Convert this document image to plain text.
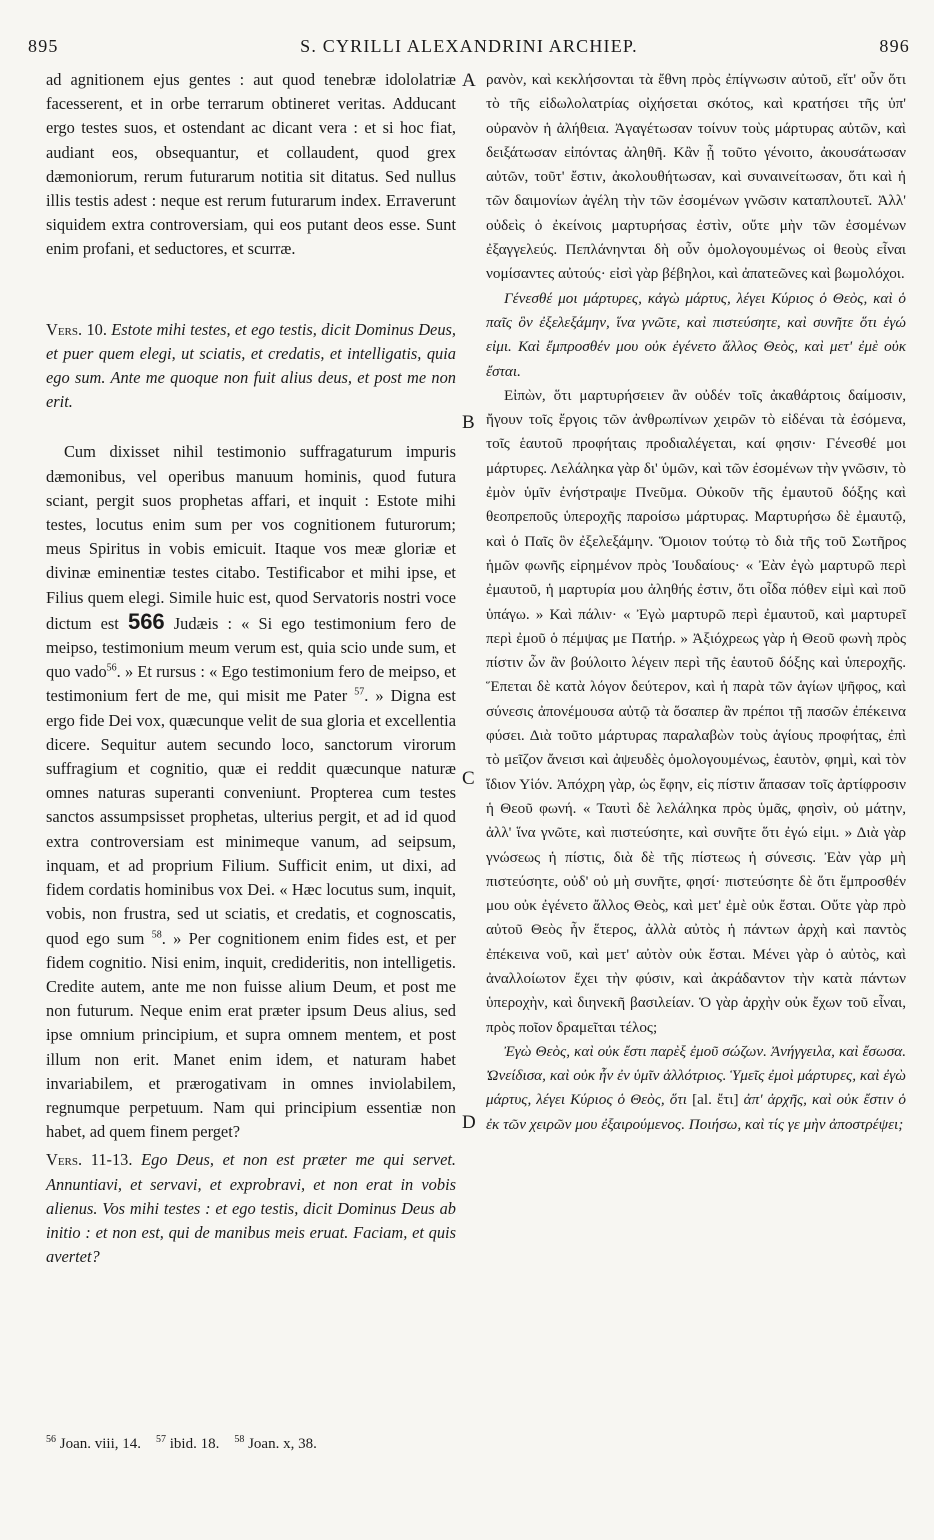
895	S. CYRILLI ALEXANDRINI ARCHIEP.	896

ad agnitionem ejus gentes : aut quod tenebræ idololatriæ facesserent, et in orbe terrarum obtineret veritas. Adducant ergo testes suos, et ostendant ac dicant vera : et si hoc fiat, audiant eos, obsequantur, et collaudent, quod grex dæmoniorum, rerum futurarum notitia sit ditatus. Sed nullus illis testis adest : neque est rerum futurarum index. Erraverunt siquidem extra controversiam, qui eos putant deos esse. Sunt enim profani, et seductores, et scurræ.

Vers. 10. Estote mihi testes, et ego testis, dicit Dominus Deus, et puer quem elegi, ut sciatis, et credatis, et intelligatis, quia ego sum. Ante me quoque non fuit alius deus, et post me non erit.

Cum dixisset nihil testimonio suffragaturum impuris dæmonibus, vel operibus manuum hominis, quod futura sciant, pergit suos prophetas affari, et inquit : Estote mihi testes, locutus enim sum per vos cognitionem futurorum; meus Spiritus in vobis emicuit. Itaque vos meæ gloriæ et divinæ eminentiæ testes citabo. Testificabor et mihi ipse, et Filius quem elegi. Simile huic est, quod Servatoris nostri voce dictum est 566 Judæis : « Si ego testimonium fero de meipso, testimonium meum verum est, quia scio unde sum, et quo vado$^{56}$. » Et rursus : « Ego testimonium fero de meipso, et testimonium fert de me, qui misit me Pater $^{57}$. » Digna est ergo fide Dei vox, quæcunque velit de sua gloria et excellentia dicere. Sequitur autem secundo loco, sanctorum virorum suffragium et cognitio, quæ ei reddit quæcunque naturæ omnes naturas superanti conveniunt. Propterea cum testes sanctos assumpsisset prophetas, ulterius pergit, et ad id quod extra controversiam est minimeque vanum, ad seipsum, inquam, et ad proprium Filium. Sufficit enim, ut dixi, ad fidem cordatis hominibus vox Dei. « Hæc locutus sum, inquit, vobis, non frustra, sed ut sciatis, et credatis, et cognoscatis, quod ego sum $^{58}$. » Per cognitionem enim fides est, et per fidem cognitio. Nisi enim, inquit, credideritis, non intelligetis. Credite autem, ante me non fuisse alium Deum, et post me non futurum. Neque enim erat præter ipsum Deus alius, sed ipse omnium principium, et supra omnem mentem, et post illum non erit. Manet enim idem, et naturam habet invariabilem, et prærogativam in omnes inviolabilem, regnumque perpetuum. Nam qui principium essentiæ non habet, ad quem finem perget?

Vers. 11-13. Ego Deus, et non est præter me qui servet. Annuntiavi, et servavi, et exprobravi, et non erat in vobis alienus. Vos mihi testes : et ego testis, dicit Dominus Deus ab initio : et non est, qui de manibus meis eruat. Faciam, et quis avertet?

$^{56}$ Joan. viii, 14. $^{57}$ ibid. 18. $^{58}$ Joan. x, 38.
A
B
C
D

ρανὸν, καὶ κεκλήσονται τὰ ἔθνη πρὸς ἐπίγνωσιν αὐτοῦ, εἴτ' οὖν ὅτι τὸ τῆς εἰδωλολατρίας οἰχήσεται σκότος, καὶ κρατήσει τῆς ὑπ' οὐρανὸν ἡ ἀλήθεια. Ἀγαγέτωσαν τοίνυν τοὺς μάρτυρας αὐτῶν, καὶ δειξάτωσαν εἰπόντας ἀληθῆ. Κἂν ᾖ τοῦτο γένοιτο, ἀκουσάτωσαν αὐτῶν, τοῦτ' ἔστιν, ἀκολουθήτωσαν, καὶ συναινείτωσαν, ὅτι καὶ ἡ τῶν δαιμονίων ἀγέλη τὴν τῶν ἐσομένων γνῶσιν καταπλουτεῖ. Ἀλλ' οὐδεὶς ὁ ἐκείνοις μαρτυρήσας ἐστὶν, οὔτε μὴν τῶν ἐσομένων ἐξαγγελεύς. Πεπλάνηνται δὴ οὖν ὁμολογουμένως οἱ θεοὺς εἶναι νομίσαντες αὐτούς· εἰσὶ γὰρ βέβηλοι, καὶ ἀπατεῶνες καὶ βωμολόχοι.

Γένεσθέ μοι μάρτυρες, κἀγὼ μάρτυς, λέγει Κύριος ὁ Θεὸς, καὶ ὁ παῖς ὃν ἐξελεξάμην, ἵνα γνῶτε, καὶ πιστεύσητε, καὶ συνῆτε ὅτι ἐγώ εἰμι. Καὶ ἔμπροσθέν μου οὐκ ἐγένετο ἄλλος Θεὸς, καὶ μετ' ἐμὲ οὐκ ἔσται.

Εἰπὼν, ὅτι μαρτυρήσειεν ἂν οὐδέν τοῖς ἀκαθάρτοις δαίμοσιν, ἤγουν τοῖς ἔργοις τῶν ἀνθρωπίνων χειρῶν τὸ εἰδέναι τὰ ἐσόμενα, τοῖς ἑαυτοῦ προφήταις προδιαλέγεται, καί φησιν· Γένεσθέ μοι μάρτυρες. Λελάληκα γὰρ δι' ὑμῶν, καὶ τῶν ἐσομένων τὴν γνῶσιν, τὸ ἐμὸν ὑμῖν ἐνήστραψε Πνεῦμα. Οὐκοῦν τῆς ἐμαυτοῦ δόξης καὶ θεοπρεποῦς ὑπεροχῆς παροίσω μάρτυρας. Μαρτυρήσω δὲ ἐμαυτῷ, καὶ ὁ Παῖς ὃν ἐξελεξάμην. Ὅμοιον τούτῳ τὸ διὰ τῆς τοῦ Σωτῆρος ἡμῶν φωνῆς εἰρημένον πρὸς Ἰουδαίους· « Ἐὰν ἐγὼ μαρτυρῶ περὶ ἐμαυτοῦ, ἡ μαρτυρία μου ἀληθής ἐστιν, ὅτι οἶδα πόθεν εἰμὶ καὶ ποῦ ὑπάγω. » Καὶ πάλιν· « Ἐγὼ μαρτυρῶ περὶ ἐμαυτοῦ, καὶ μαρτυρεῖ περὶ ἐμοῦ ὁ πέμψας με Πατήρ. » Ἀξιόχρεως γὰρ ἡ Θεοῦ φωνὴ πρὸς πίστιν ὧν ἂν βούλοιτο λέγειν περὶ τῆς ἑαυτοῦ δόξης καὶ ὑπεροχῆς. Ἕπεται δὲ κατὰ λόγον δεύτερον, καὶ ἡ παρὰ τῶν ἁγίων ψῆφος, καὶ σύνεσις ἀπονέμουσα αὐτῷ τὰ ὅσαπερ ἂν πρέποι τῇ πασῶν ἐπέκεινα φύσει. Διὰ τοῦτο μάρτυρας παραλαβὼν τοὺς ἁγίους προφήτας, ἐπὶ τὸ μεῖζον ἄνεισι καὶ ἀψευδὲς ὁμολογουμένως, ἑαυτὸν, φημὶ, καὶ τὸν ἴδιον Υἱόν. Ἀπόχρη γὰρ, ὡς ἔφην, εἰς πίστιν ἅπασαν τοῖς ἀρτίφροσιν ἡ Θεοῦ φωνή. « Ταυτὶ δὲ λελάληκα πρὸς ὑμᾶς, φησὶν, οὐ μάτην, ἀλλ' ἵνα γνῶτε, καὶ πιστεύσητε, καὶ συνῆτε ὅτι ἐγώ εἰμι. » Διὰ γὰρ γνώσεως ἡ πίστις, διὰ δὲ τῆς πίστεως ἡ σύνεσις. Ἐὰν γὰρ μὴ πιστεύσητε, οὐδ' οὐ μὴ συνῆτε, φησί· πιστεύσητε δὲ ὅτι ἔμπροσθέν μου οὐκ ἐγένετο ἄλλος Θεὸς, καὶ μετ' ἐμὲ οὐκ ἔσται. Οὔτε γὰρ πρὸ αὐτοῦ Θεὸς ἦν ἕτερος, ἀλλὰ αὐτὸς ἡ πάντων ἀρχὴ καὶ παντὸς ἐπέκεινα νοῦ, καὶ μετ' αὐτὸν οὐκ ἔσται. Μένει γὰρ ὁ αὐτὸς, καὶ ἀναλλοίωτον ἔχει τὴν φύσιν, καὶ ἀκράδαντον τὴν κατὰ πάντων ὑπεροχὴν, καὶ διηνεκῆ βασιλείαν. Ὁ γὰρ ἀρχὴν οὐκ ἔχων τοῦ εἶναι, πρὸς ποῖον δραμεῖται τέλος;

Ἐγὼ Θεὸς, καὶ οὐκ ἔστι παρὲξ ἐμοῦ σώζων. Ἀνήγγειλα, καὶ ἔσωσα. Ὠνείδισα, καὶ οὐκ ἦν ἐν ὑμῖν ἀλλότριος. Ὑμεῖς ἐμοὶ μάρτυρες, καὶ ἐγὼ μάρτυς, λέγει Κύριος ὁ Θεὸς, ὅτι [al. ἔτι] ἀπ' ἀρχῆς, καὶ οὐκ ἔστιν ὁ ἐκ τῶν χειρῶν μου ἐξαιρούμενος. Ποιήσω, καὶ τίς γε μὴν ἀποστρέψει;
